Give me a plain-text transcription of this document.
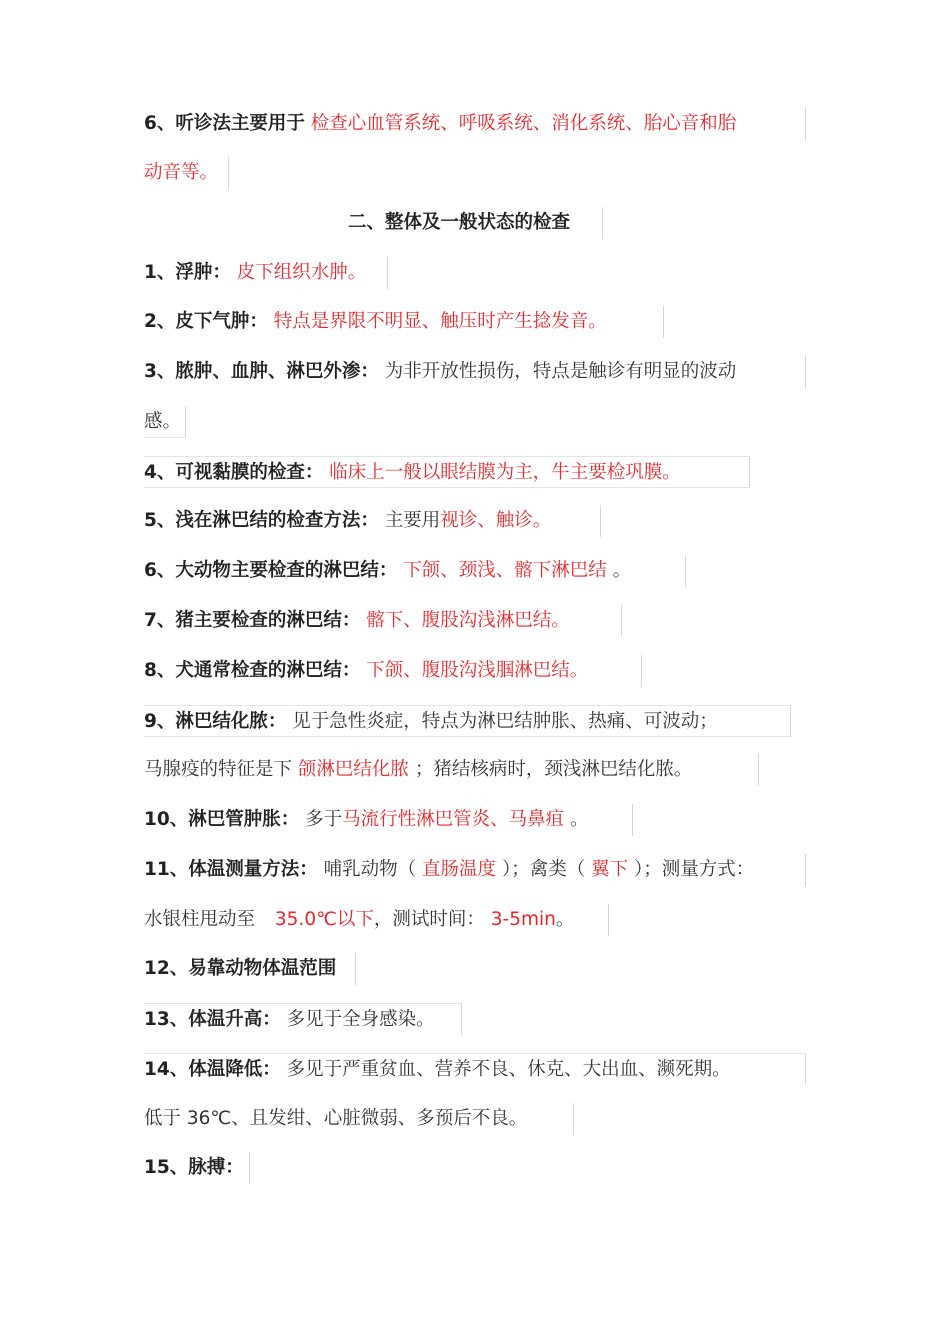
6、听诊法主要用于 检查心血管系统、呼吸系统、消化系统、胎心音和胎
动音等。
二、整体及一般状态的检查
1、浮肿： 皮下组织水肿。
2、皮下气肿： 特点是界限不明显、触压时产生捻发音。
3、脓肿、血肿、淋巴外渗： 为非开放性损伤，特点是触诊有明显的波动
感。
4、可视黏膜的检查： 临床上一般以眼结膜为主，牛主要检巩膜。
5、浅在淋巴结的检查方法： 主要用视诊、触诊。
6、大动物主要检查的淋巴结： 下颌、颈浅、髂下淋巴结 。
7、猪主要检查的淋巴结： 髂下、腹股沟浅淋巴结。
8、犬通常检查的淋巴结： 下颌、腹股沟浅腘淋巴结。
9、淋巴结化脓： 见于急性炎症，特点为淋巴结肿胀、热痛、可波动；
马腺疫的特征是下 颌淋巴结化脓 ；猪结核病时，颈浅淋巴结化脓。
10、淋巴管肿胀： 多于马流行性淋巴管炎、马鼻疽 。
11、体温测量方法： 哺乳动物（ 直肠温度 ）；禽类（ 翼下 ）；测量方式：
水银柱甩动至 35.0℃以下，测试时间： 3-5min。
12、易靠动物体温范围
13、体温升高： 多见于全身感染。
14、体温降低： 多见于严重贫血、营养不良、休克、大出血、濒死期。
低于 36℃、且发绀、心脏微弱、多预后不良。
15、脉搏：
